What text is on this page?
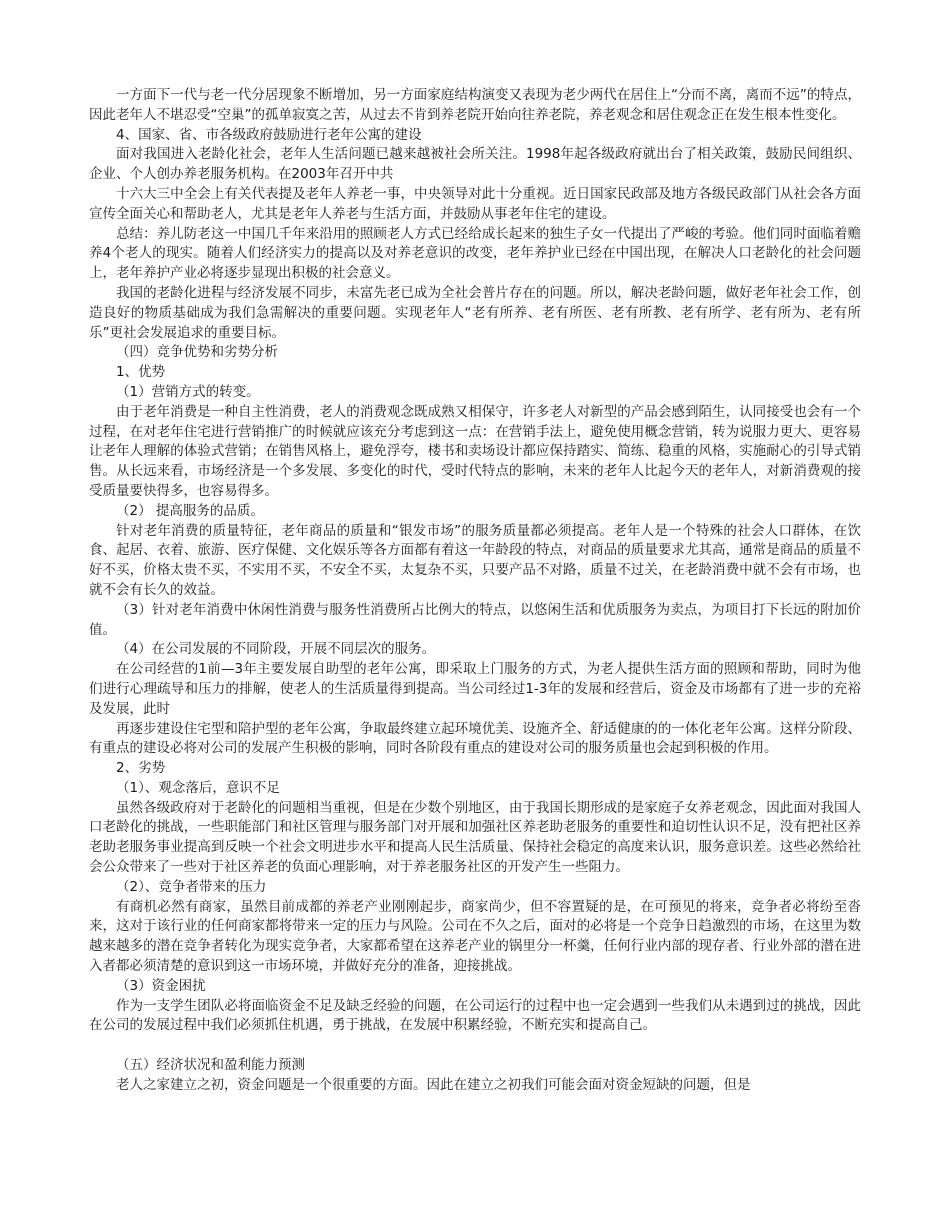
一方面下一代与老一代分居现象不断增加，另一方面家庭结构演变又表现为老少两代在居住上“分而不离，离而不远”的特点，因此老年人不堪忍受“空巢”的孤单寂寞之苦，从过去不肯到养老院开始向往养老院，养老观念和居住观念正在发生根本性变化。

4、国家、省、市各级政府鼓励进行老年公寓的建设

面对我国进入老龄化社会，老年人生活问题已越来越被社会所关注。1998年起各级政府就出台了相关政策，鼓励民间组织、企业、个人创办养老服务机构。在2003年召开中共

十六大三中全会上有关代表提及老年人养老一事，中央领导对此十分重视。近日国家民政部及地方各级民政部门从社会各方面宣传全面关心和帮助老人，尤其是老年人养老与生活方面，并鼓励从事老年住宅的建设。

总结：养儿防老这一中国几千年来沿用的照顾老人方式已经给成长起来的独生子女一代提出了严峻的考验。他们同时面临着赡养4个老人的现实。随着人们经济实力的提高以及对养老意识的改变，老年养护业已经在中国出现，在解决人口老龄化的社会问题上，老年养护产业必将逐步显现出积极的社会意义。

我国的老龄化进程与经济发展不同步，未富先老已成为全社会普片存在的问题。所以，解决老龄问题，做好老年社会工作，创造良好的物质基础成为我们急需解决的重要问题。实现老年人“老有所养、老有所医、老有所教、老有所学、老有所为、老有所乐”更社会发展追求的重要目标。

（四）竞争优势和劣势分析

1、优势

（1）营销方式的转变。

由于老年消费是一种自主性消费，老人的消费观念既成熟又相保守，许多老人对新型的产品会感到陌生，认同接受也会有一个过程，在对老年住宅进行营销推广的时候就应该充分考虑到这一点：在营销手法上，避免使用概念营销，转为说服力更大、更容易让老年人理解的体验式营销；在销售风格上，避免浮夸，楼书和卖场设计都应保持踏实、简练、稳重的风格，实施耐心的引导式销售。从长远来看，市场经济是一个多发展、多变化的时代，受时代特点的影响，未来的老年人比起今天的老年人，对新消费观的接受质量要快得多，也容易得多。

（2） 提高服务的品质。

针对老年消费的质量特征，老年商品的质量和“银发市场”的服务质量都必须提高。老年人是一个特殊的社会人口群体，在饮食、起居、衣着、旅游、医疗保健、文化娱乐等各方面都有着这一年龄段的特点，对商品的质量要求尤其高，通常是商品的质量不好不买，价格太贵不买，不实用不买，不安全不买，太复杂不买，只要产品不对路，质量不过关，在老龄消费中就不会有市场，也就不会有长久的效益。

（3）针对老年消费中休闲性消费与服务性消费所占比例大的特点，以悠闲生活和优质服务为卖点，为项目打下长远的附加价值。

（4）在公司发展的不同阶段，开展不同层次的服务。

在公司经营的1前—3年主要发展自助型的老年公寓，即采取上门服务的方式，为老人提供生活方面的照顾和帮助，同时为他们进行心理疏导和压力的排解，使老人的生活质量得到提高。当公司经过1-3年的发展和经营后，资金及市场都有了进一步的充裕及发展，此时

再逐步建设住宅型和陪护型的老年公寓，争取最终建立起环境优美、设施齐全、舒适健康的的一体化老年公寓。这样分阶段、有重点的建设必将对公司的发展产生积极的影响，同时各阶段有重点的建设对公司的服务质量也会起到积极的作用。

2、劣势

（1）、观念落后，意识不足

虽然各级政府对于老龄化的问题相当重视，但是在少数个别地区，由于我国长期形成的是家庭子女养老观念，因此面对我国人口老龄化的挑战，一些职能部门和社区管理与服务部门对开展和加强社区养老助老服务的重要性和迫切性认识不足，没有把社区养老助老服务事业提高到反映一个社会文明进步水平和提高人民生活质量、保持社会稳定的高度来认识，服务意识差。这些必然给社会公众带来了一些对于社区养老的负面心理影响，对于养老服务社区的开发产生一些阻力。

（2）、竞争者带来的压力

有商机必然有商家，虽然目前成都的养老产业刚刚起步，商家尚少，但不容置疑的是，在可预见的将来，竞争者必将纷至沓来，这对于该行业的任何商家都将带来一定的压力与风险。公司在不久之后，面对的必将是一个竞争日趋激烈的市场，在这里为数越来越多的潜在竞争者转化为现实竞争者，大家都希望在这养老产业的锅里分一杯羹，任何行业内部的现存者、行业外部的潜在进入者都必须清楚的意识到这一市场环境，并做好充分的准备，迎接挑战。

（3）资金困扰

作为一支学生团队必将面临资金不足及缺乏经验的问题，在公司运行的过程中也一定会遇到一些我们从未遇到过的挑战，因此在公司的发展过程中我们必须抓住机遇，勇于挑战，在发展中积累经验，不断充实和提高自己。

（五）经济状况和盈利能力预测

老人之家建立之初，资金问题是一个很重要的方面。因此在建立之初我们可能会面对资金短缺的问题，但是
